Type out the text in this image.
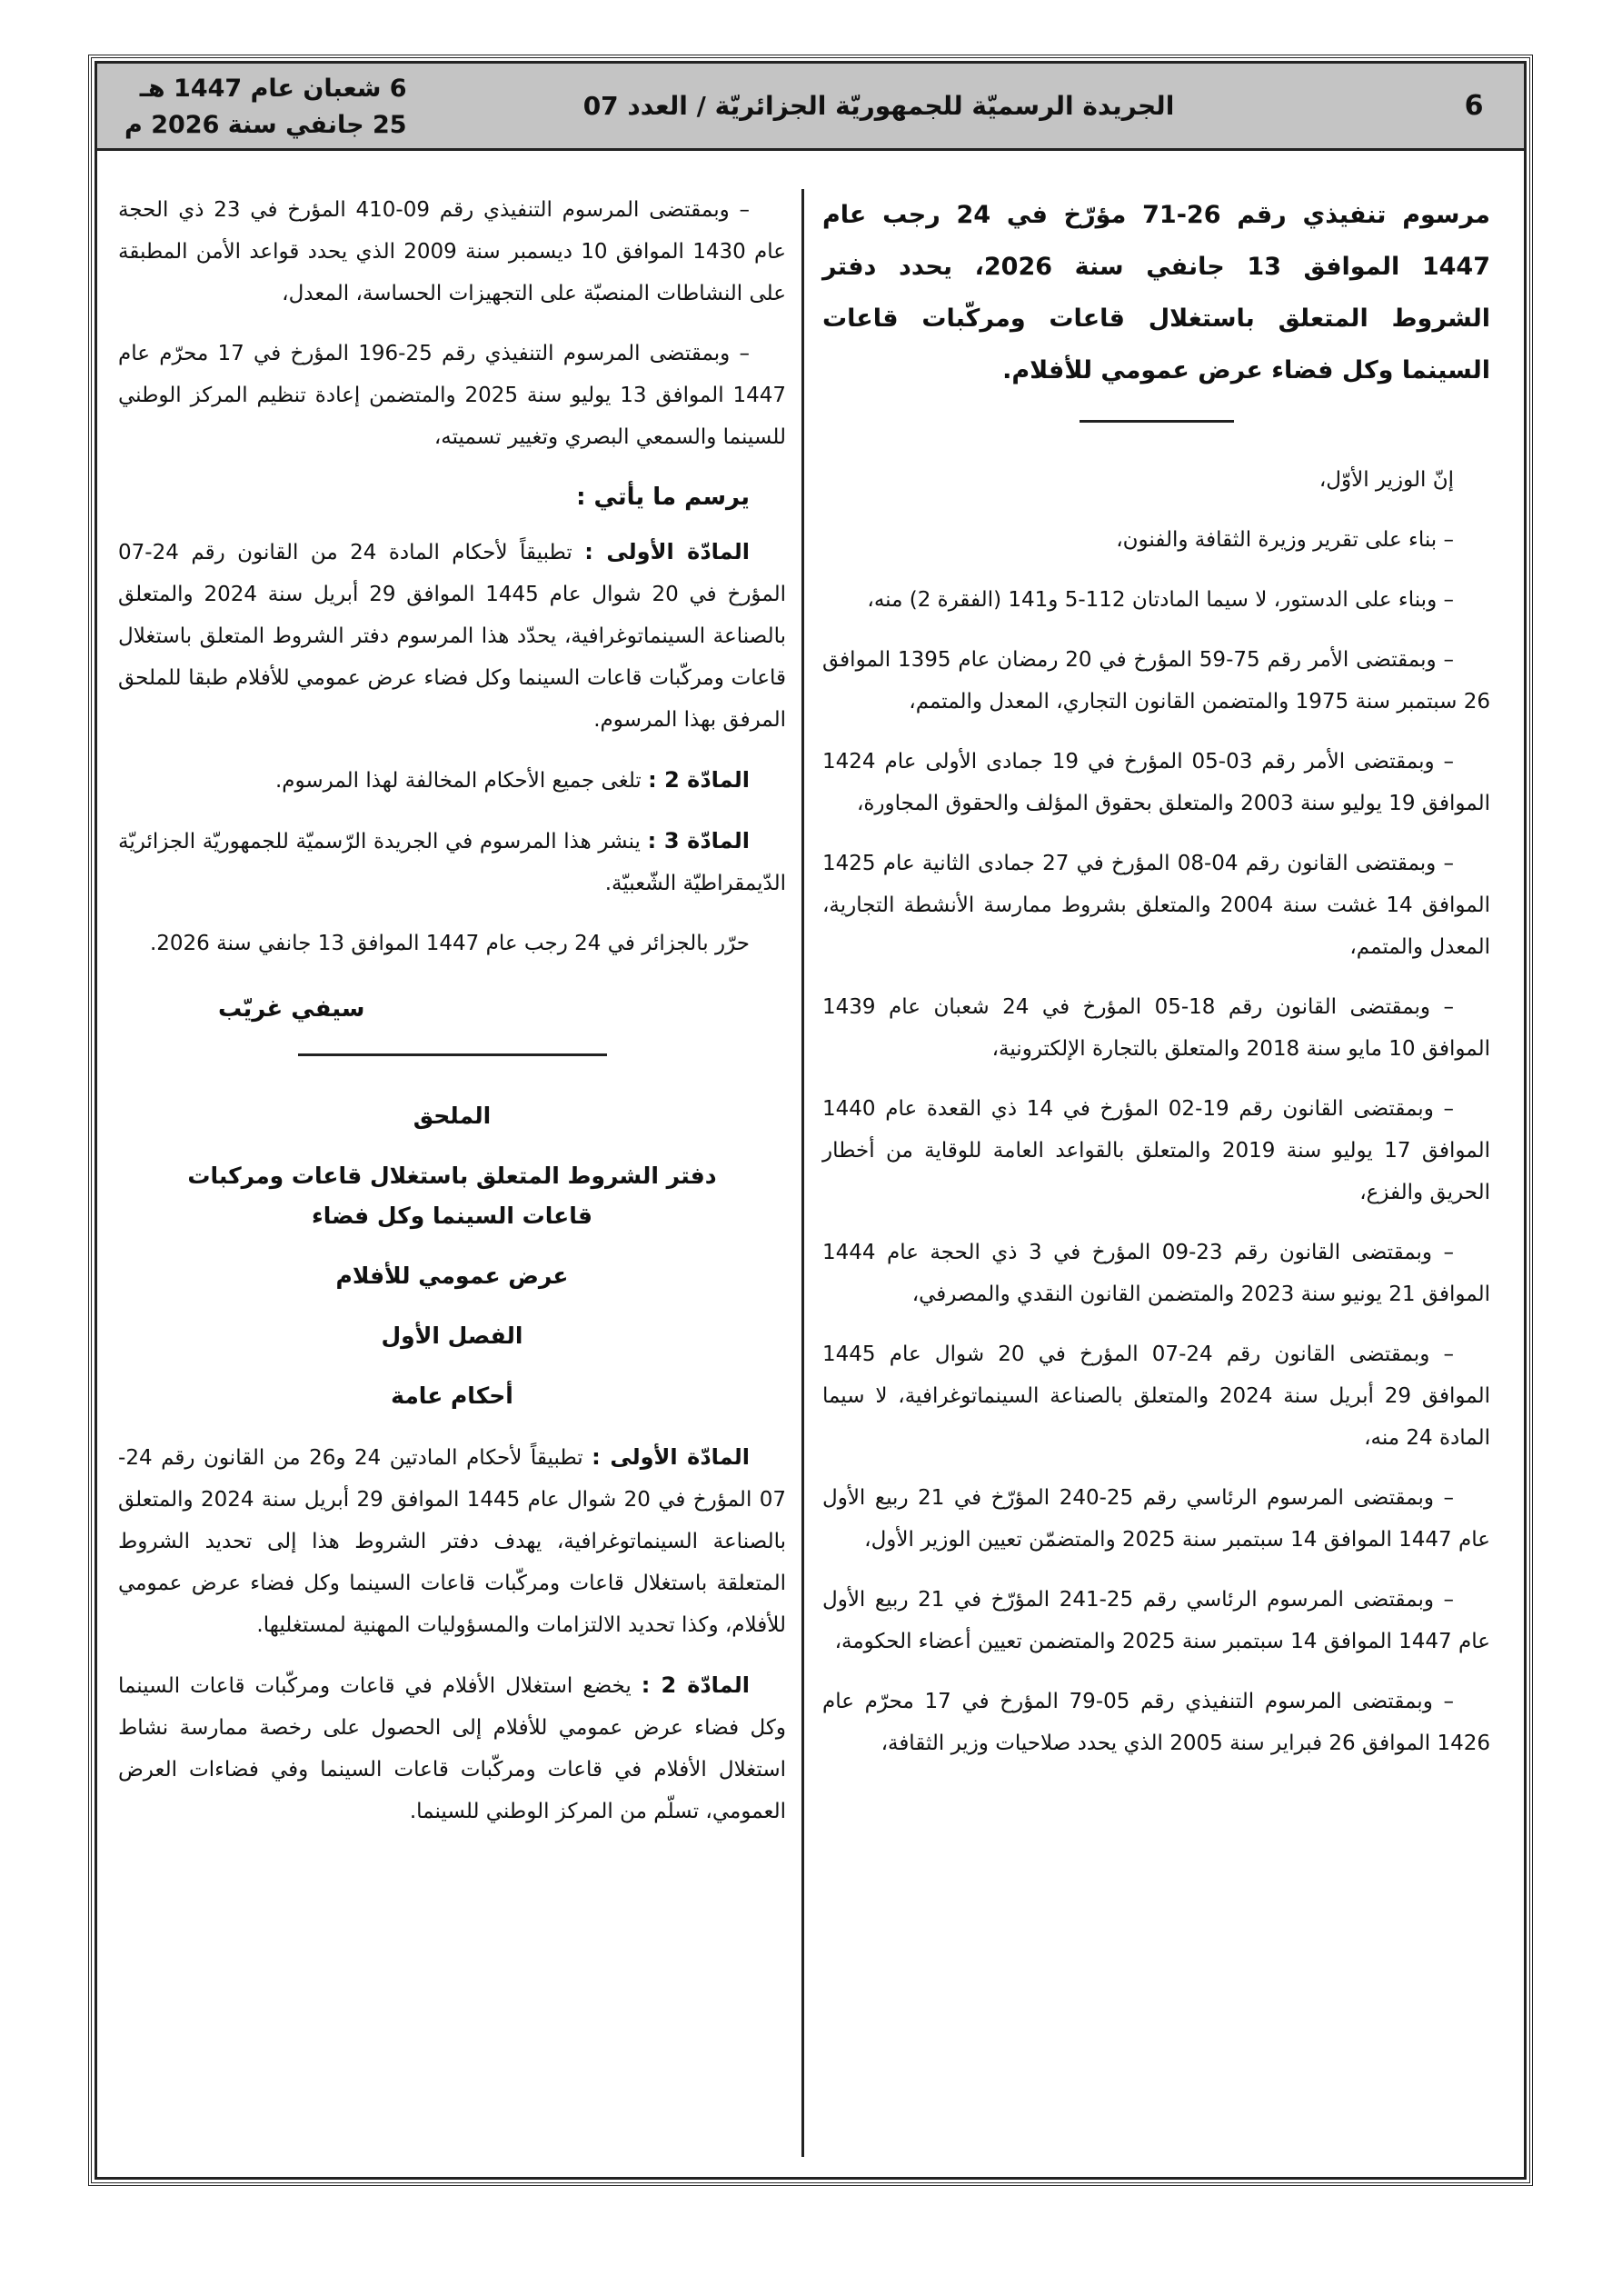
6
الجريدة الرسميّة للجمهوريّة الجزائريّة / العدد 07
6 شعبان عام 1447 هـ
25 جانفي سنة 2026 م
مرسوم تنفيذي رقم 26-71 مؤرّخ في 24 رجب عام 1447 الموافق 13 جانفي سنة 2026، يحدد دفتر الشروط المتعلق باستغلال قاعات ومركّبات قاعات السينما وكل فضاء عرض عمومي للأفلام.

إنّ الوزير الأوّل،

– بناء على تقرير وزيرة الثقافة والفنون،

– وبناء على الدستور، لا سيما المادتان 112-5 و141 (الفقرة 2) منه،

– وبمقتضى الأمر رقم 75-59 المؤرخ في 20 رمضان عام 1395 الموافق 26 سبتمبر سنة 1975 والمتضمن القانون التجاري، المعدل والمتمم،

– وبمقتضى الأمر رقم 03-05 المؤرخ في 19 جمادى الأولى عام 1424 الموافق 19 يوليو سنة 2003 والمتعلق بحقوق المؤلف والحقوق المجاورة،

– وبمقتضى القانون رقم 04-08 المؤرخ في 27 جمادى الثانية عام 1425 الموافق 14 غشت سنة 2004 والمتعلق بشروط ممارسة الأنشطة التجارية، المعدل والمتمم،

– وبمقتضى القانون رقم 18-05 المؤرخ في 24 شعبان عام 1439 الموافق 10 مايو سنة 2018 والمتعلق بالتجارة الإلكترونية،

– وبمقتضى القانون رقم 19-02 المؤرخ في 14 ذي القعدة عام 1440 الموافق 17 يوليو سنة 2019 والمتعلق بالقواعد العامة للوقاية من أخطار الحريق والفزع،

– وبمقتضى القانون رقم 23-09 المؤرخ في 3 ذي الحجة عام 1444 الموافق 21 يونيو سنة 2023 والمتضمن القانون النقدي والمصرفي،

– وبمقتضى القانون رقم 24-07 المؤرخ في 20 شوال عام 1445 الموافق 29 أبريل سنة 2024 والمتعلق بالصناعة السينماتوغرافية، لا سيما المادة 24 منه،

– وبمقتضى المرسوم الرئاسي رقم 25-240 المؤرّخ في 21 ربيع الأول عام 1447 الموافق 14 سبتمبر سنة 2025 والمتضمّن تعيين الوزير الأول،

– وبمقتضى المرسوم الرئاسي رقم 25-241 المؤرّخ في 21 ربيع الأول عام 1447 الموافق 14 سبتمبر سنة 2025 والمتضمن تعيين أعضاء الحكومة،

– وبمقتضى المرسوم التنفيذي رقم 05-79 المؤرخ في 17 محرّم عام 1426 الموافق 26 فبراير سنة 2005 الذي يحدد صلاحيات وزير الثقافة،

– وبمقتضى المرسوم التنفيذي رقم 09-410 المؤرخ في 23 ذي الحجة عام 1430 الموافق 10 ديسمبر سنة 2009 الذي يحدد قواعد الأمن المطبقة على النشاطات المنصبّة على التجهيزات الحساسة، المعدل،

– وبمقتضى المرسوم التنفيذي رقم 25-196 المؤرخ في 17 محرّم عام 1447 الموافق 13 يوليو سنة 2025 والمتضمن إعادة تنظيم المركز الوطني للسينما والسمعي البصري وتغيير تسميته،

يرسم ما يأتي :

المادّة الأولى : تطبيقاً لأحكام المادة 24 من القانون رقم 24-07 المؤرخ في 20 شوال عام 1445 الموافق 29 أبريل سنة 2024 والمتعلق بالصناعة السينماتوغرافية، يحدّد هذا المرسوم دفتر الشروط المتعلق باستغلال قاعات ومركّبات قاعات السينما وكل فضاء عرض عمومي للأفلام طبقا للملحق المرفق بهذا المرسوم.

المادّة 2 : تلغى جميع الأحكام المخالفة لهذا المرسوم.

المادّة 3 : ينشر هذا المرسوم في الجريدة الرّسميّة للجمهوريّة الجزائريّة الدّيمقراطيّة الشّعبيّة.

حرّر بالجزائر في 24 رجب عام 1447 الموافق 13 جانفي سنة 2026.

سيفي غريّب
الملحق
دفتر الشروط المتعلق باستغلال قاعات ومركبات
قاعات السينما وكل فضاء
عرض عمومي للأفلام
الفصل الأول
أحكام عامة

المادّة الأولى : تطبيقاً لأحكام المادتين 24 و26 من القانون رقم 24-07 المؤرخ في 20 شوال عام 1445 الموافق 29 أبريل سنة 2024 والمتعلق بالصناعة السينماتوغرافية، يهدف دفتر الشروط هذا إلى تحديد الشروط المتعلقة باستغلال قاعات ومركّبات قاعات السينما وكل فضاء عرض عمومي للأفلام، وكذا تحديد الالتزامات والمسؤوليات المهنية لمستغليها.

المادّة 2 : يخضع استغلال الأفلام في قاعات ومركّبات قاعات السينما وكل فضاء عرض عمومي للأفلام إلى الحصول على رخصة ممارسة نشاط استغلال الأفلام في قاعات ومركّبات قاعات السينما وفي فضاءات العرض العمومي، تسلّم من المركز الوطني للسينما.
